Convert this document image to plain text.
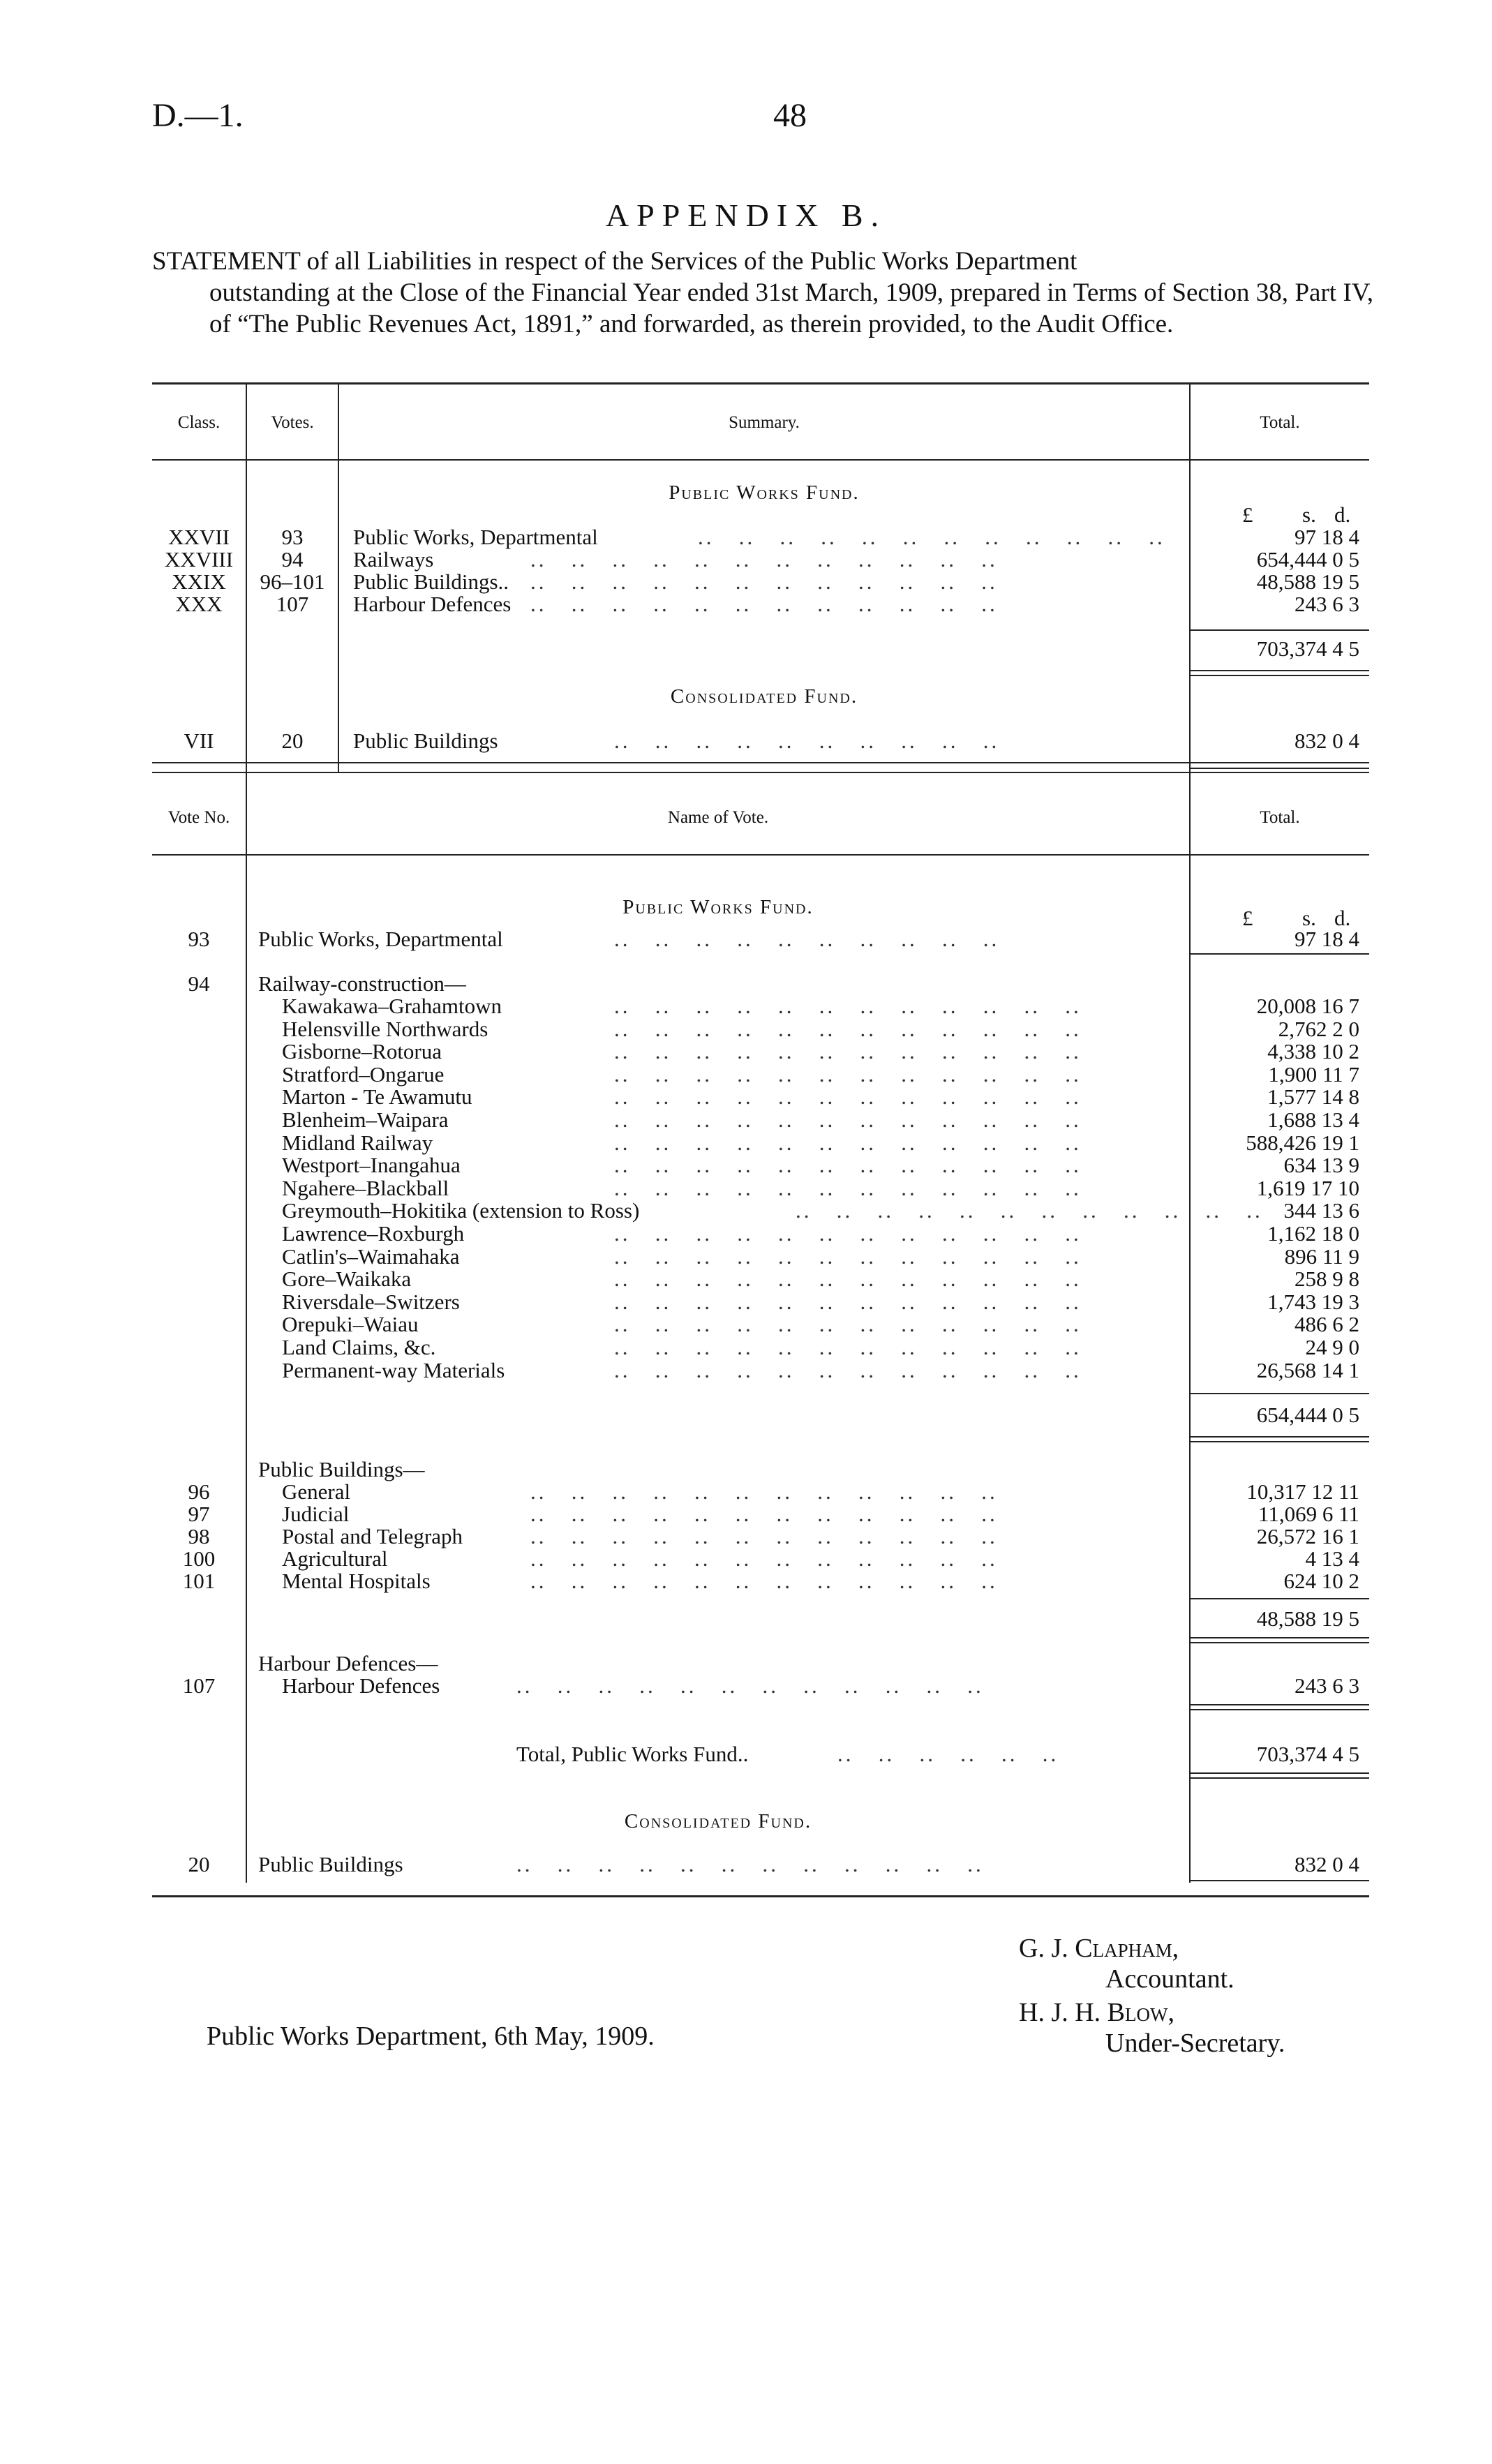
D.—1.	48
APPENDIX B.
STATEMENT of all Liabilities in respect of the Services of the Public Works Department
outstanding at the Close of the Financial Year ended 31st March, 1909, prepared in Terms of Section 38, Part IV, of “The Public Revenues Act, 1891,” and forwarded, as therein provided, to the Audit Office.
Class.	Votes.	Summary.	Total.
Public Works Fund.
£ s. d.
XXVII	93	Public Works, Departmental	..   ..   ..   ..   ..   ..   ..   ..   ..   ..   ..   ..	97 18 4
XXVIII	94	Railways	..   ..   ..   ..   ..   ..   ..   ..   ..   ..   ..   ..	654,444 0 5
XXIX	96–101	Public Buildings.. ..   ..   ..   ..   ..   ..   ..   ..   ..   ..   ..   ..	48,588 19 5
XXX	107	Harbour Defences ..   ..   ..   ..   ..   ..   ..   ..   ..   ..   ..   ..	243 6 3
703,374 4 5
Consolidated Fund.
VII	20	Public Buildings	..   ..   ..   ..   ..   ..   ..   ..   ..   ..	832 0 4
Vote No.	Name of Vote.	Total.
Public Works Fund.	£ s. d.
93	Public Works, Departmental	..   ..   ..   ..   ..   ..   ..   ..   ..   ..	97 18 4
94	Railway-construction—
Kawakawa–Grahamtown	..   ..   ..   ..   ..   ..   ..   ..   ..   ..   ..   ..	20,008 16 7
Helensville Northwards	..   ..   ..   ..   ..   ..   ..   ..   ..   ..   ..   ..	2,762 2 0
Gisborne–Rotorua	..   ..   ..   ..   ..   ..   ..   ..   ..   ..   ..   ..	4,338 10 2
Stratford–Ongarue	..   ..   ..   ..   ..   ..   ..   ..   ..   ..   ..   ..	1,900 11 7
Marton - Te Awamutu	..   ..   ..   ..   ..   ..   ..   ..   ..   ..   ..   ..	1,577 14 8
Blenheim–Waipara	..   ..   ..   ..   ..   ..   ..   ..   ..   ..   ..   ..	1,688 13 4
Midland Railway	..   ..   ..   ..   ..   ..   ..   ..   ..   ..   ..   ..	588,426 19 1
Westport–Inangahua	..   ..   ..   ..   ..   ..   ..   ..   ..   ..   ..   ..	634 13 9
Ngahere–Blackball	..   ..   ..   ..   ..   ..   ..   ..   ..   ..   ..   ..	1,619 17 10
Greymouth–Hokitika (extension to Ross)	..   ..   ..   ..   ..   ..   ..   ..   ..   ..   ..   .. 344 13 6
Lawrence–Roxburgh	..   ..   ..   ..   ..   ..   ..   ..   ..   ..   ..   ..	1,162 18 0
Catlin's–Waimahaka	..   ..   ..   ..   ..   ..   ..   ..   ..   ..   ..   ..	896 11 9
Gore–Waikaka	..   ..   ..   ..   ..   ..   ..   ..   ..   ..   ..   ..	258 9 8
Riversdale–Switzers	..   ..   ..   ..   ..   ..   ..   ..   ..   ..   ..   ..	1,743 19 3
Orepuki–Waiau	..   ..   ..   ..   ..   ..   ..   ..   ..   ..   ..   ..	486 6 2
Land Claims, &c.	..   ..   ..   ..   ..   ..   ..   ..   ..   ..   ..   ..	24 9 0
Permanent-way Materials	..   ..   ..   ..   ..   ..   ..   ..   ..   ..   ..   ..	26,568 14 1
654,444 0 5
Public Buildings—
96	General	..   ..   ..   ..   ..   ..   ..   ..   ..   ..   ..   ..	10,317 12 11
97	Judicial	..   ..   ..   ..   ..   ..   ..   ..   ..   ..   ..   ..	11,069 6 11
98	Postal and Telegraph	..   ..   ..   ..   ..   ..   ..   ..   ..   ..   ..   ..	26,572 16 1
100	Agricultural	..   ..   ..   ..   ..   ..   ..   ..   ..   ..   ..   ..	4 13 4
101	Mental Hospitals	..   ..   ..   ..   ..   ..   ..   ..   ..   ..   ..   ..	624 10 2
48,588 19 5
Harbour Defences—
107	Harbour Defences	..   ..   ..   ..   ..   ..   ..   ..   ..   ..   ..   ..	243 6 3
Total, Public Works Fund..	..   ..   ..   ..   ..   ..	703,374 4 5
Consolidated Fund.
20	Public Buildings	..   ..   ..   ..   ..   ..   ..   ..   ..   ..   ..   ..	832 0 4
G. J. Clapham,
Accountant.
H. J. H. Blow,
Under-Secretary.
Public Works Department, 6th May, 1909.
